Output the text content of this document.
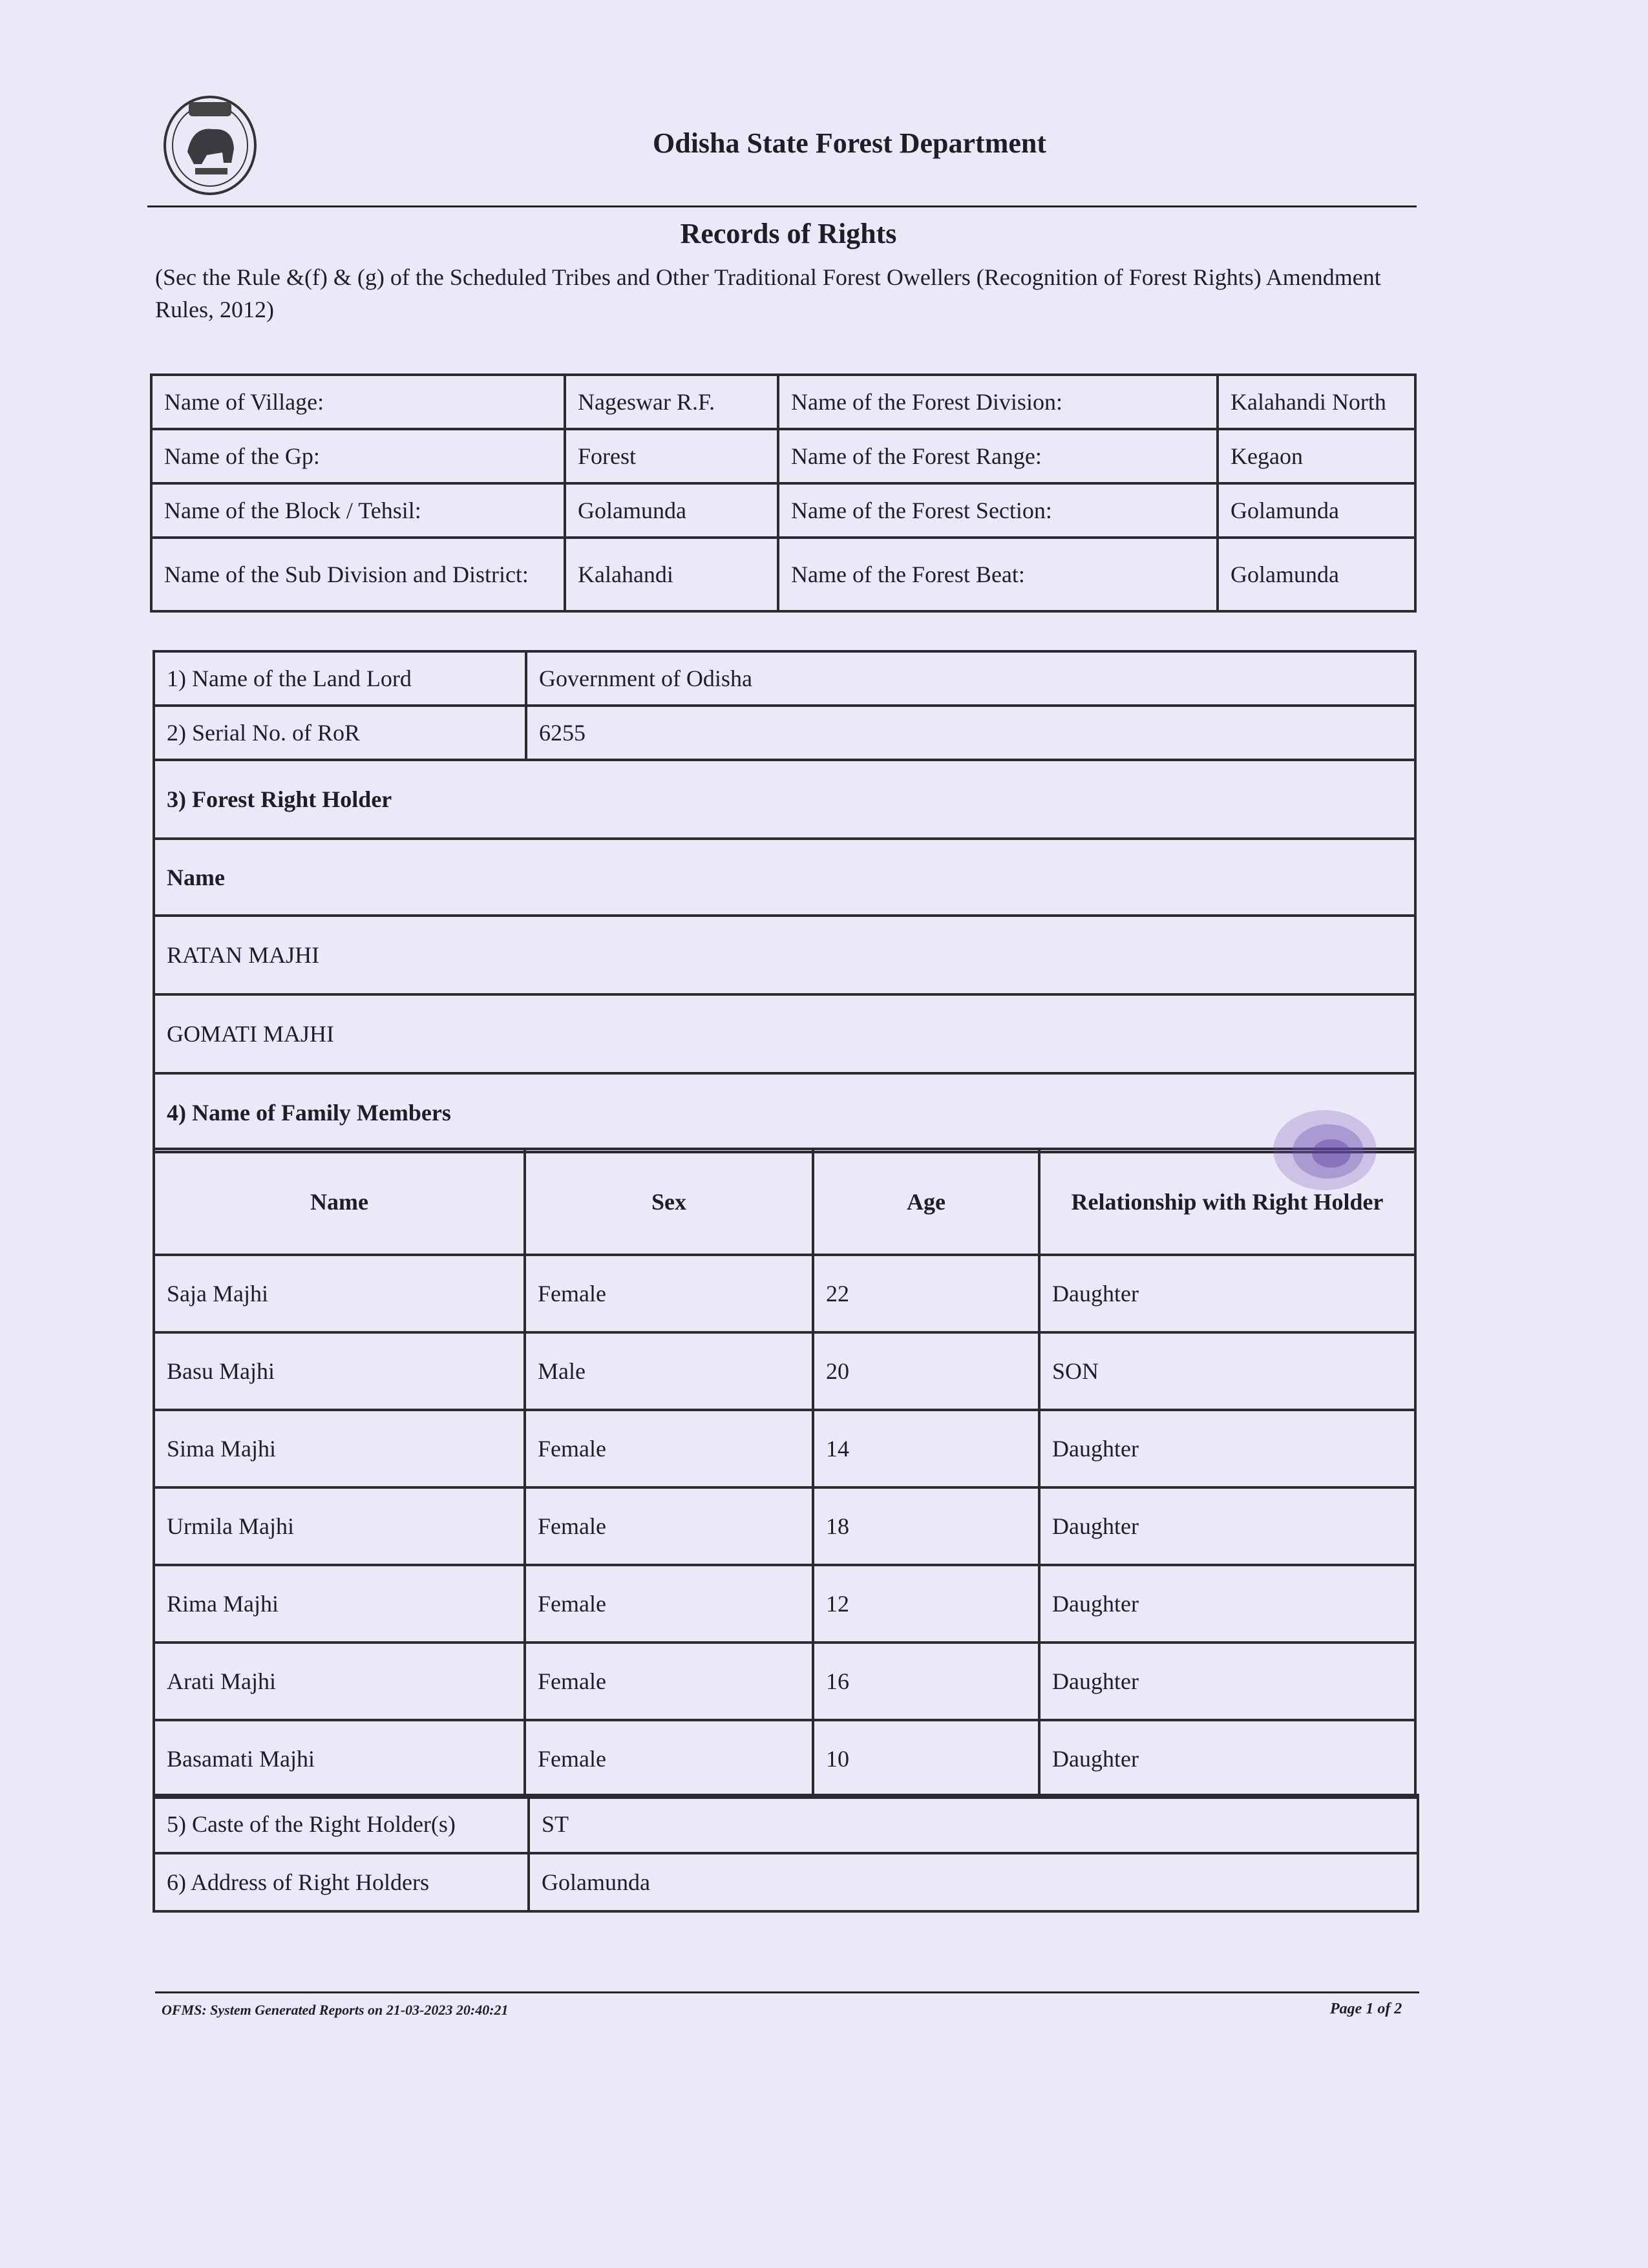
Odisha State Forest Department
Records of Rights
(Sec the Rule &(f) & (g) of the Scheduled Tribes and Other Traditional Forest Owellers (Recognition of Forest Rights) Amendment Rules, 2012)
Name of Village:	Nageswar R.F.	Name of the Forest Division:	Kalahandi North
Name of the Gp:	Forest	Name of the Forest Range:	Kegaon
Name of the Block / Tehsil:	Golamunda	Name of the Forest Section:	Golamunda
Name of the Sub Division and District:	Kalahandi	Name of the Forest Beat:	Golamunda
1) Name of the Land Lord	Government of Odisha
2) Serial No. of RoR	6255
3) Forest Right Holder	
Name	
RATAN MAJHI	
GOMATI MAJHI	
4) Name of Family Members	
Name	Sex	Age	Relationship with Right Holder
Saja Majhi	Female	22	Daughter
Basu Majhi	Male	20	SON
Sima Majhi	Female	14	Daughter
Urmila Majhi	Female	18	Daughter
Rima Majhi	Female	12	Daughter
Arati Majhi	Female	16	Daughter
Basamati Majhi	Female	10	Daughter
5) Caste of the Right Holder(s)	ST
6) Address of Right Holders	Golamunda
OFMS: System Generated Reports on 21-03-2023 20:40:21	Page 1 of 2
